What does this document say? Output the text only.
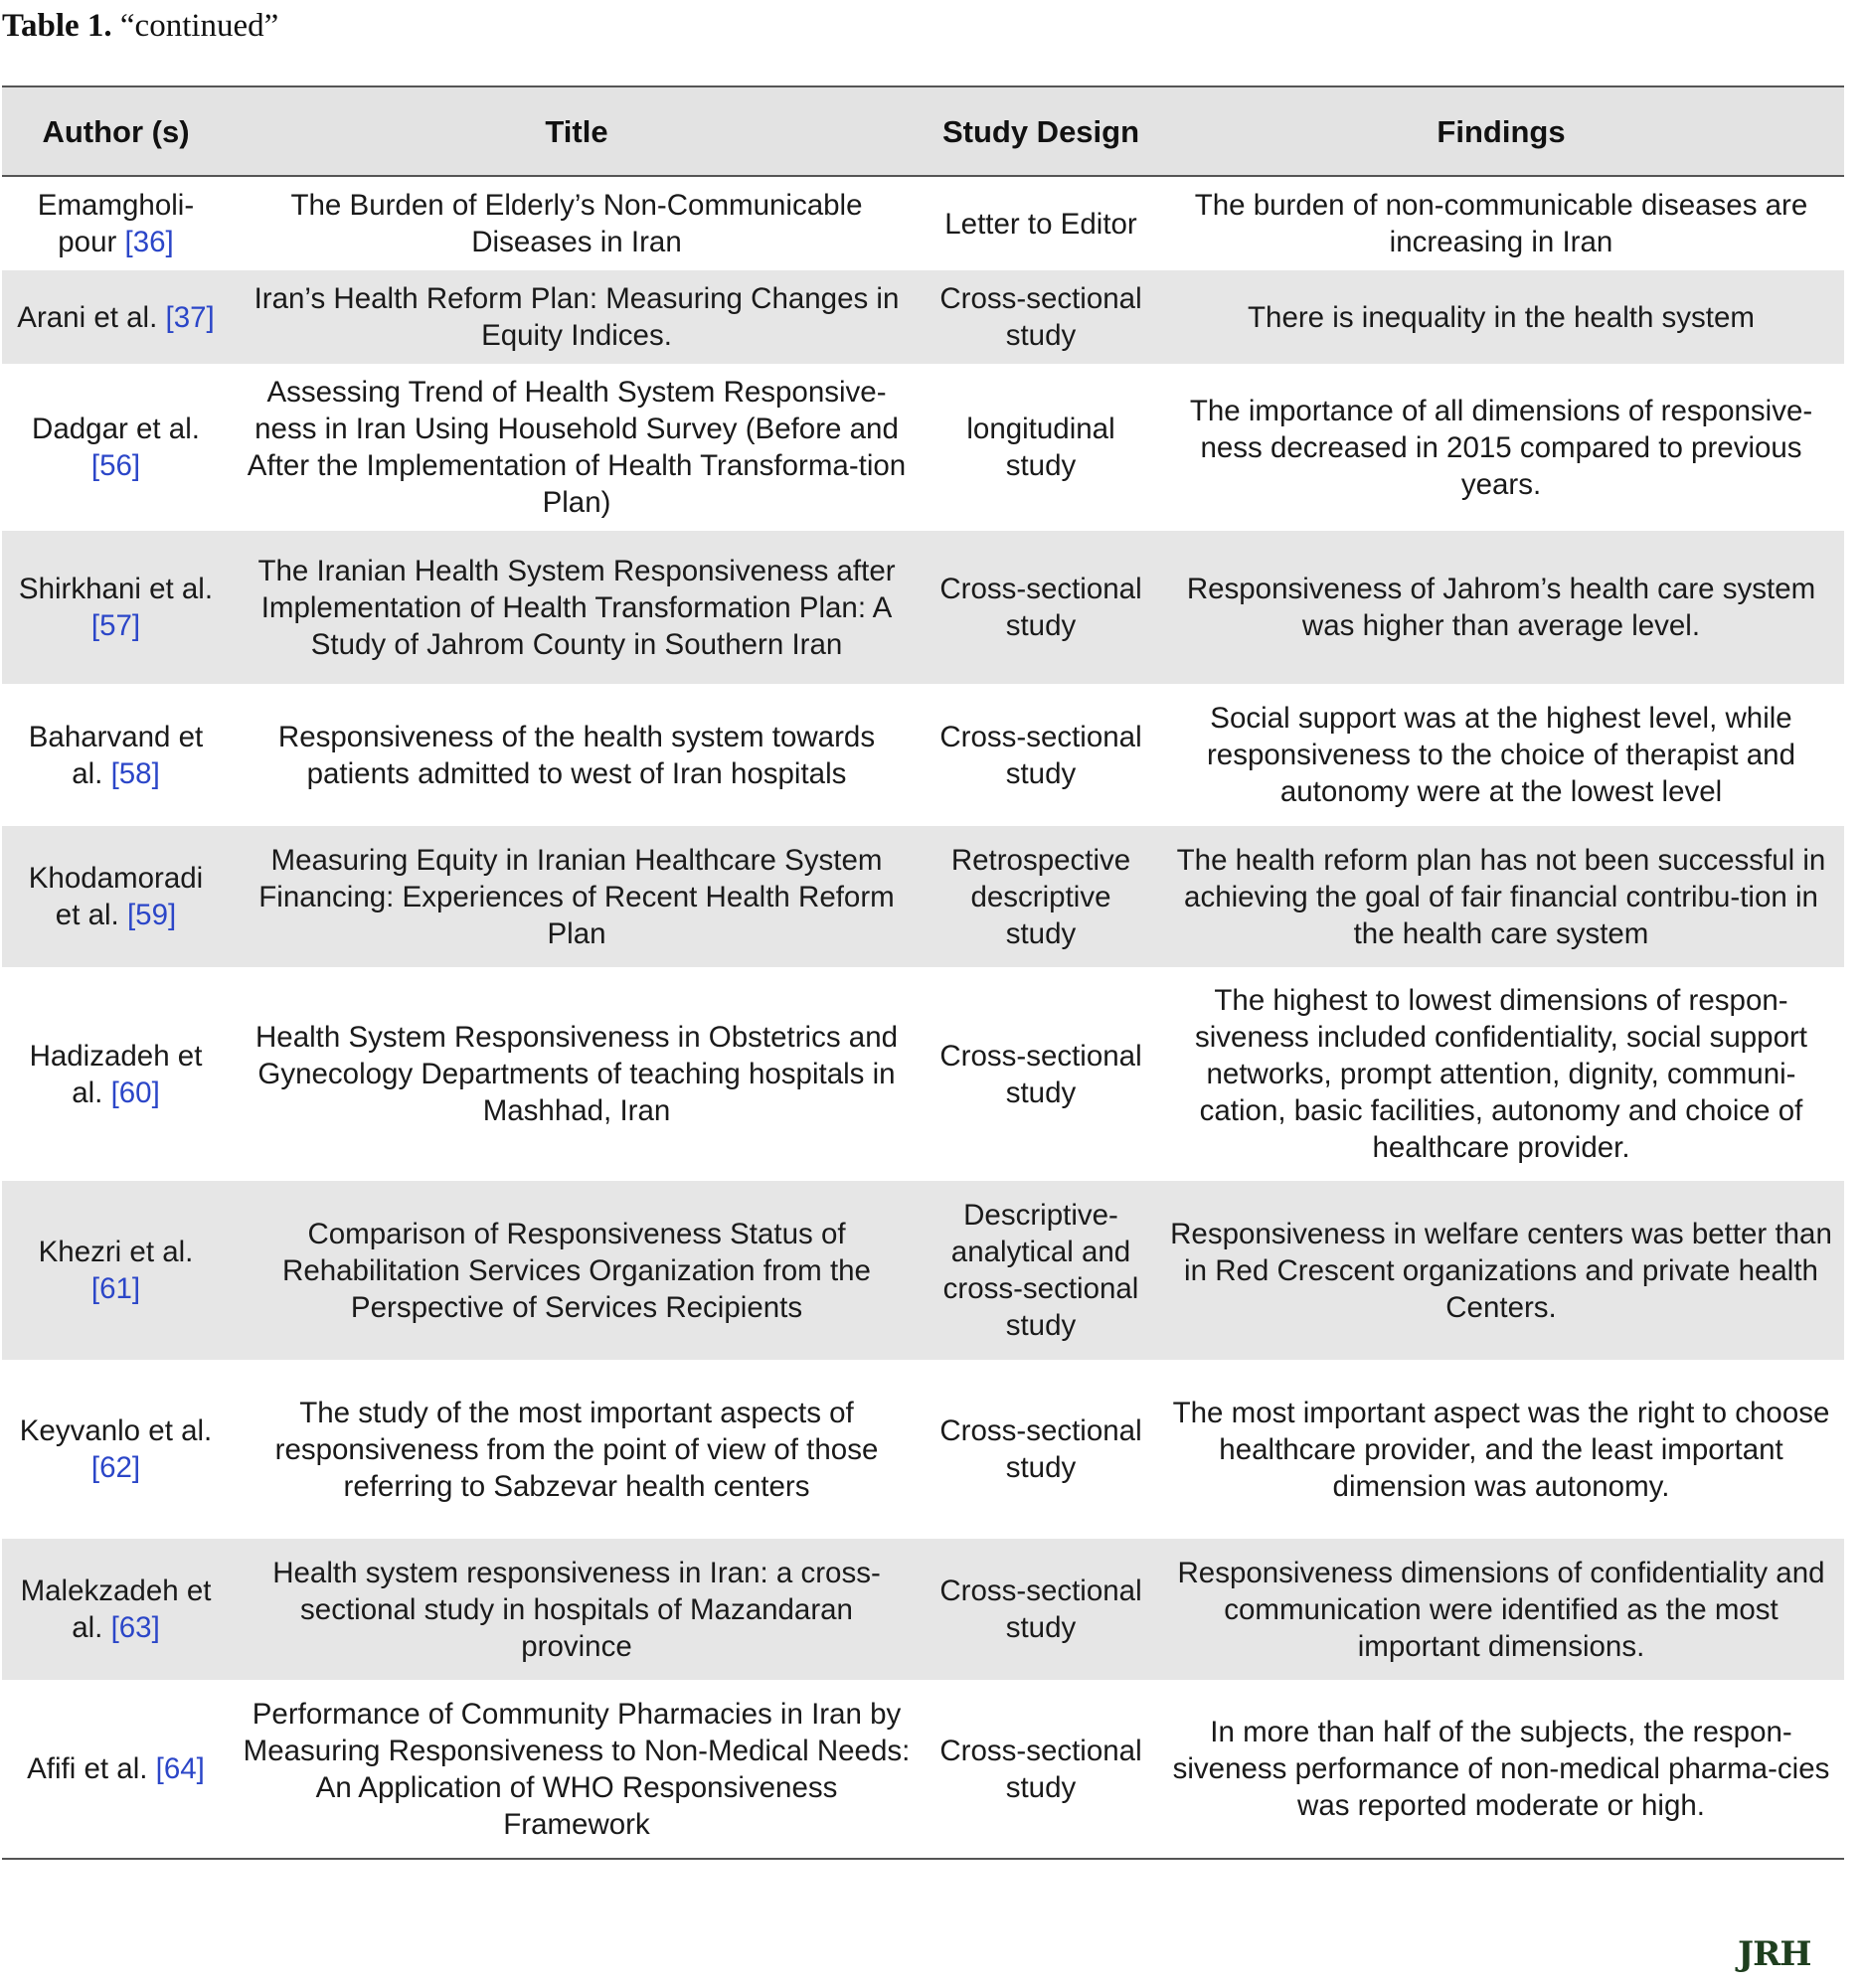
Table 1. “continued”
Author (s)	Title	Study Design	Findings
Emamgholi-pour [36]	The Burden of Elderly’s Non-Communicable Diseases in Iran	Letter to Editor	The burden of non-communicable diseases are increasing in Iran
Arani et al. [37]	Iran’s Health Reform Plan: Measuring Changes in Equity Indices.	Cross-sectional study	There is inequality in the health system
Dadgar et al. [56]	Assessing Trend of Health System Responsive-ness in Iran Using Household Survey (Before and After the Implementation of Health Transforma-tion Plan)	longitudinal study	The importance of all dimensions of responsive-ness decreased in 2015 compared to previous years.
Shirkhani et al. [57]	The Iranian Health System Responsiveness after Implementation of Health Transformation Plan: A Study of Jahrom County in Southern Iran	Cross-sectional study	Responsiveness of Jahrom’s health care system was higher than average level.
Baharvand et al. [58]	Responsiveness of the health system towards patients admitted to west of Iran hospitals	Cross-sectional study	Social support was at the highest level, while responsiveness to the choice of therapist and autonomy were at the lowest level
Khodamoradi et al. [59]	Measuring Equity in Iranian Healthcare System Financing: Experiences of Recent Health Reform Plan	Retrospective descriptive study	The health reform plan has not been successful in achieving the goal of fair financial contribu-tion in the health care system
Hadizadeh et al. [60]	Health System Responsiveness in Obstetrics and Gynecology Departments of teaching hospitals in Mashhad, Iran	Cross-sectional study	The highest to lowest dimensions of respon-siveness included confidentiality, social support networks, prompt attention, dignity, communi-cation, basic facilities, autonomy and choice of healthcare provider.
Khezri et al. [61]	Comparison of Responsiveness Status of Rehabilitation Services Organization from the Perspective of Services Recipients	Descriptive-analytical and cross-sectional study	Responsiveness in welfare centers was better than in Red Crescent organizations and private health Centers.
Keyvanlo et al. [62]	The study of the most important aspects of responsiveness from the point of view of those referring to Sabzevar health centers	Cross-sectional study	The most important aspect was the right to choose healthcare provider, and the least important dimension was autonomy.
Malekzadeh et al. [63]	Health system responsiveness in Iran: a cross-sectional study in hospitals of Mazandaran province	Cross-sectional study	Responsiveness dimensions of confidentiality and communication were identified as the most important dimensions.
Afifi et al. [64]	Performance of Community Pharmacies in Iran by Measuring Responsiveness to Non-Medical Needs: An Application of WHO Responsiveness Framework	Cross-sectional study	In more than half of the subjects, the respon-siveness performance of non-medical pharma-cies was reported moderate or high.
JRH
